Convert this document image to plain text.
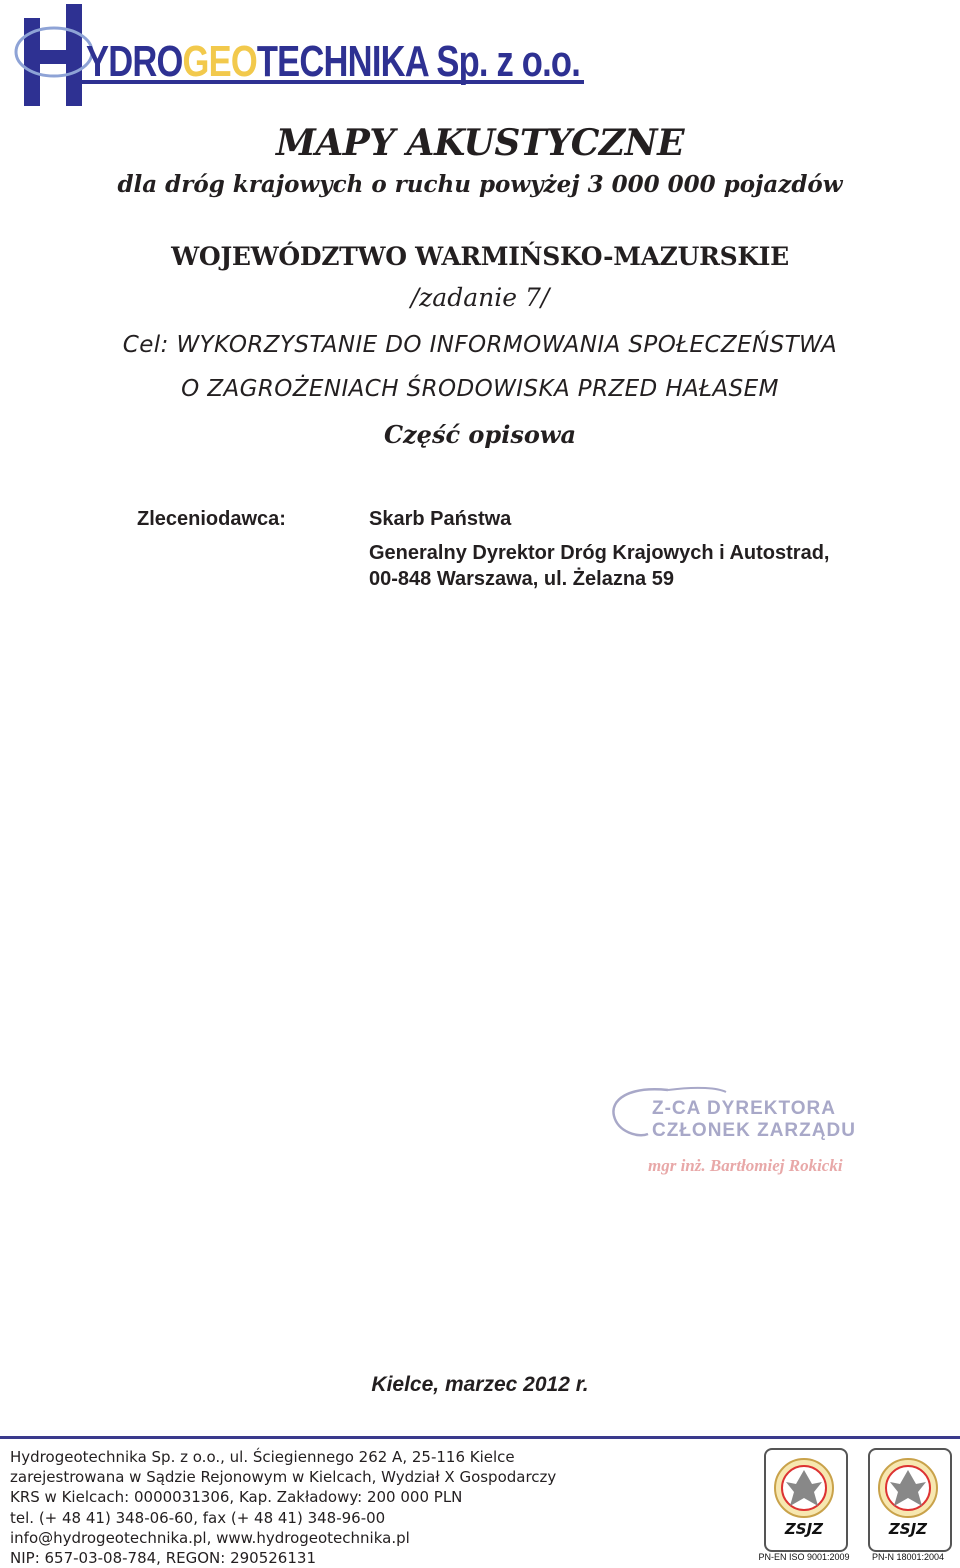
YDROGEOTECHNIKA Sp. z o.o.
MAPY AKUSTYCZNE
dla dróg krajowych o ruchu powyżej 3 000 000 pojazdów
WOJEWÓDZTWO WARMIŃSKO-MAZURSKIE
/zadanie 7/
Cel: WYKORZYSTANIE DO INFORMOWANIA SPOŁECZEŃSTWA
O ZAGROŻENIACH ŚRODOWISKA PRZED HAŁASEM
Część opisowa
Zleceniodawca:	Skarb Państwa
Generalny Dyrektor Dróg Krajowych i Autostrad,
00-848 Warszawa, ul. Żelazna 59
Z-CA DYREKTORA
CZŁONEK ZARZĄDU
mgr inż. Bartłomiej Rokicki
Kielce, marzec 2012 r.
Hydrogeotechnika Sp. z o.o., ul. Ściegiennego 262 A, 25-116 Kielce
zarejestrowana w Sądzie Rejonowym w Kielcach, Wydział X Gospodarczy
KRS w Kielcach: 0000031306, Kap. Zakładowy: 200 000 PLN
tel. (+ 48 41) 348-06-60, fax (+ 48 41) 348-96-00
info@hydrogeotechnika.pl, www.hydrogeotechnika.pl
NIP: 657-03-08-784, REGON: 290526131
ZSJZ
PN-EN ISO 9001:2009
ZSJZ
PN-N 18001:2004
